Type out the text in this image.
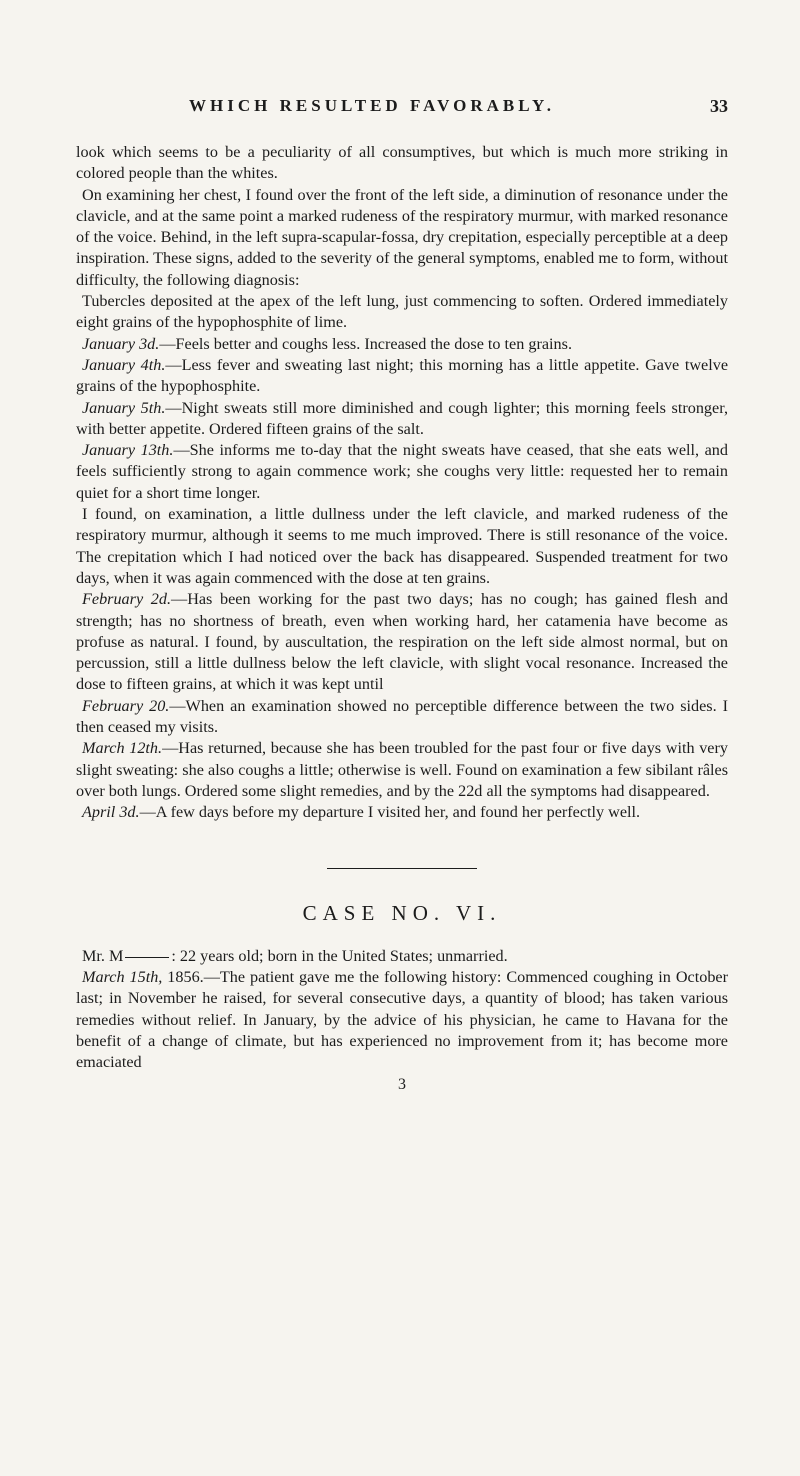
WHICH RESULTED FAVORABLY.	33

look which seems to be a peculiarity of all consumptives, but which is much more striking in colored people than the whites.

On examining her chest, I found over the front of the left side, a diminution of resonance under the clavicle, and at the same point a marked rudeness of the respiratory murmur, with marked resonance of the voice. Behind, in the left supra-scapular-fossa, dry crepitation, especially perceptible at a deep inspiration. These signs, added to the severity of the general symptoms, enabled me to form, without difficulty, the following diagnosis:

Tubercles deposited at the apex of the left lung, just commencing to soften. Ordered immediately eight grains of the hypophosphite of lime.

January 3d.—Feels better and coughs less. Increased the dose to ten grains.

January 4th.—Less fever and sweating last night; this morning has a little appetite. Gave twelve grains of the hypophosphite.

January 5th.—Night sweats still more diminished and cough lighter; this morning feels stronger, with better appetite. Ordered fifteen grains of the salt.

January 13th.—She informs me to-day that the night sweats have ceased, that she eats well, and feels sufficiently strong to again commence work; she coughs very little: requested her to remain quiet for a short time longer.

I found, on examination, a little dullness under the left clavicle, and marked rudeness of the respiratory murmur, although it seems to me much improved. There is still resonance of the voice. The crepitation which I had noticed over the back has disappeared. Suspended treatment for two days, when it was again commenced with the dose at ten grains.

February 2d.—Has been working for the past two days; has no cough; has gained flesh and strength; has no shortness of breath, even when working hard, her catamenia have become as profuse as natural. I found, by auscultation, the respiration on the left side almost normal, but on percussion, still a little dullness below the left clavicle, with slight vocal resonance. Increased the dose to fifteen grains, at which it was kept until

February 20.—When an examination showed no perceptible difference between the two sides. I then ceased my visits.

March 12th.—Has returned, because she has been troubled for the past four or five days with very slight sweating: she also coughs a little; otherwise is well. Found on examination a few sibilant râles over both lungs. Ordered some slight remedies, and by the 22d all the symptoms had disappeared.

April 3d.—A few days before my departure I visited her, and found her perfectly well.

CASE NO. VI.

Mr. M	: 22 years old; born in the United States; unmarried.

March 15th, 1856.—The patient gave me the following history: Commenced coughing in October last; in November he raised, for several consecutive days, a quantity of blood; has taken various remedies without relief. In January, by the advice of his physician, he came to Havana for the benefit of a change of climate, but has experienced no improvement from it; has become more emaciated

3
